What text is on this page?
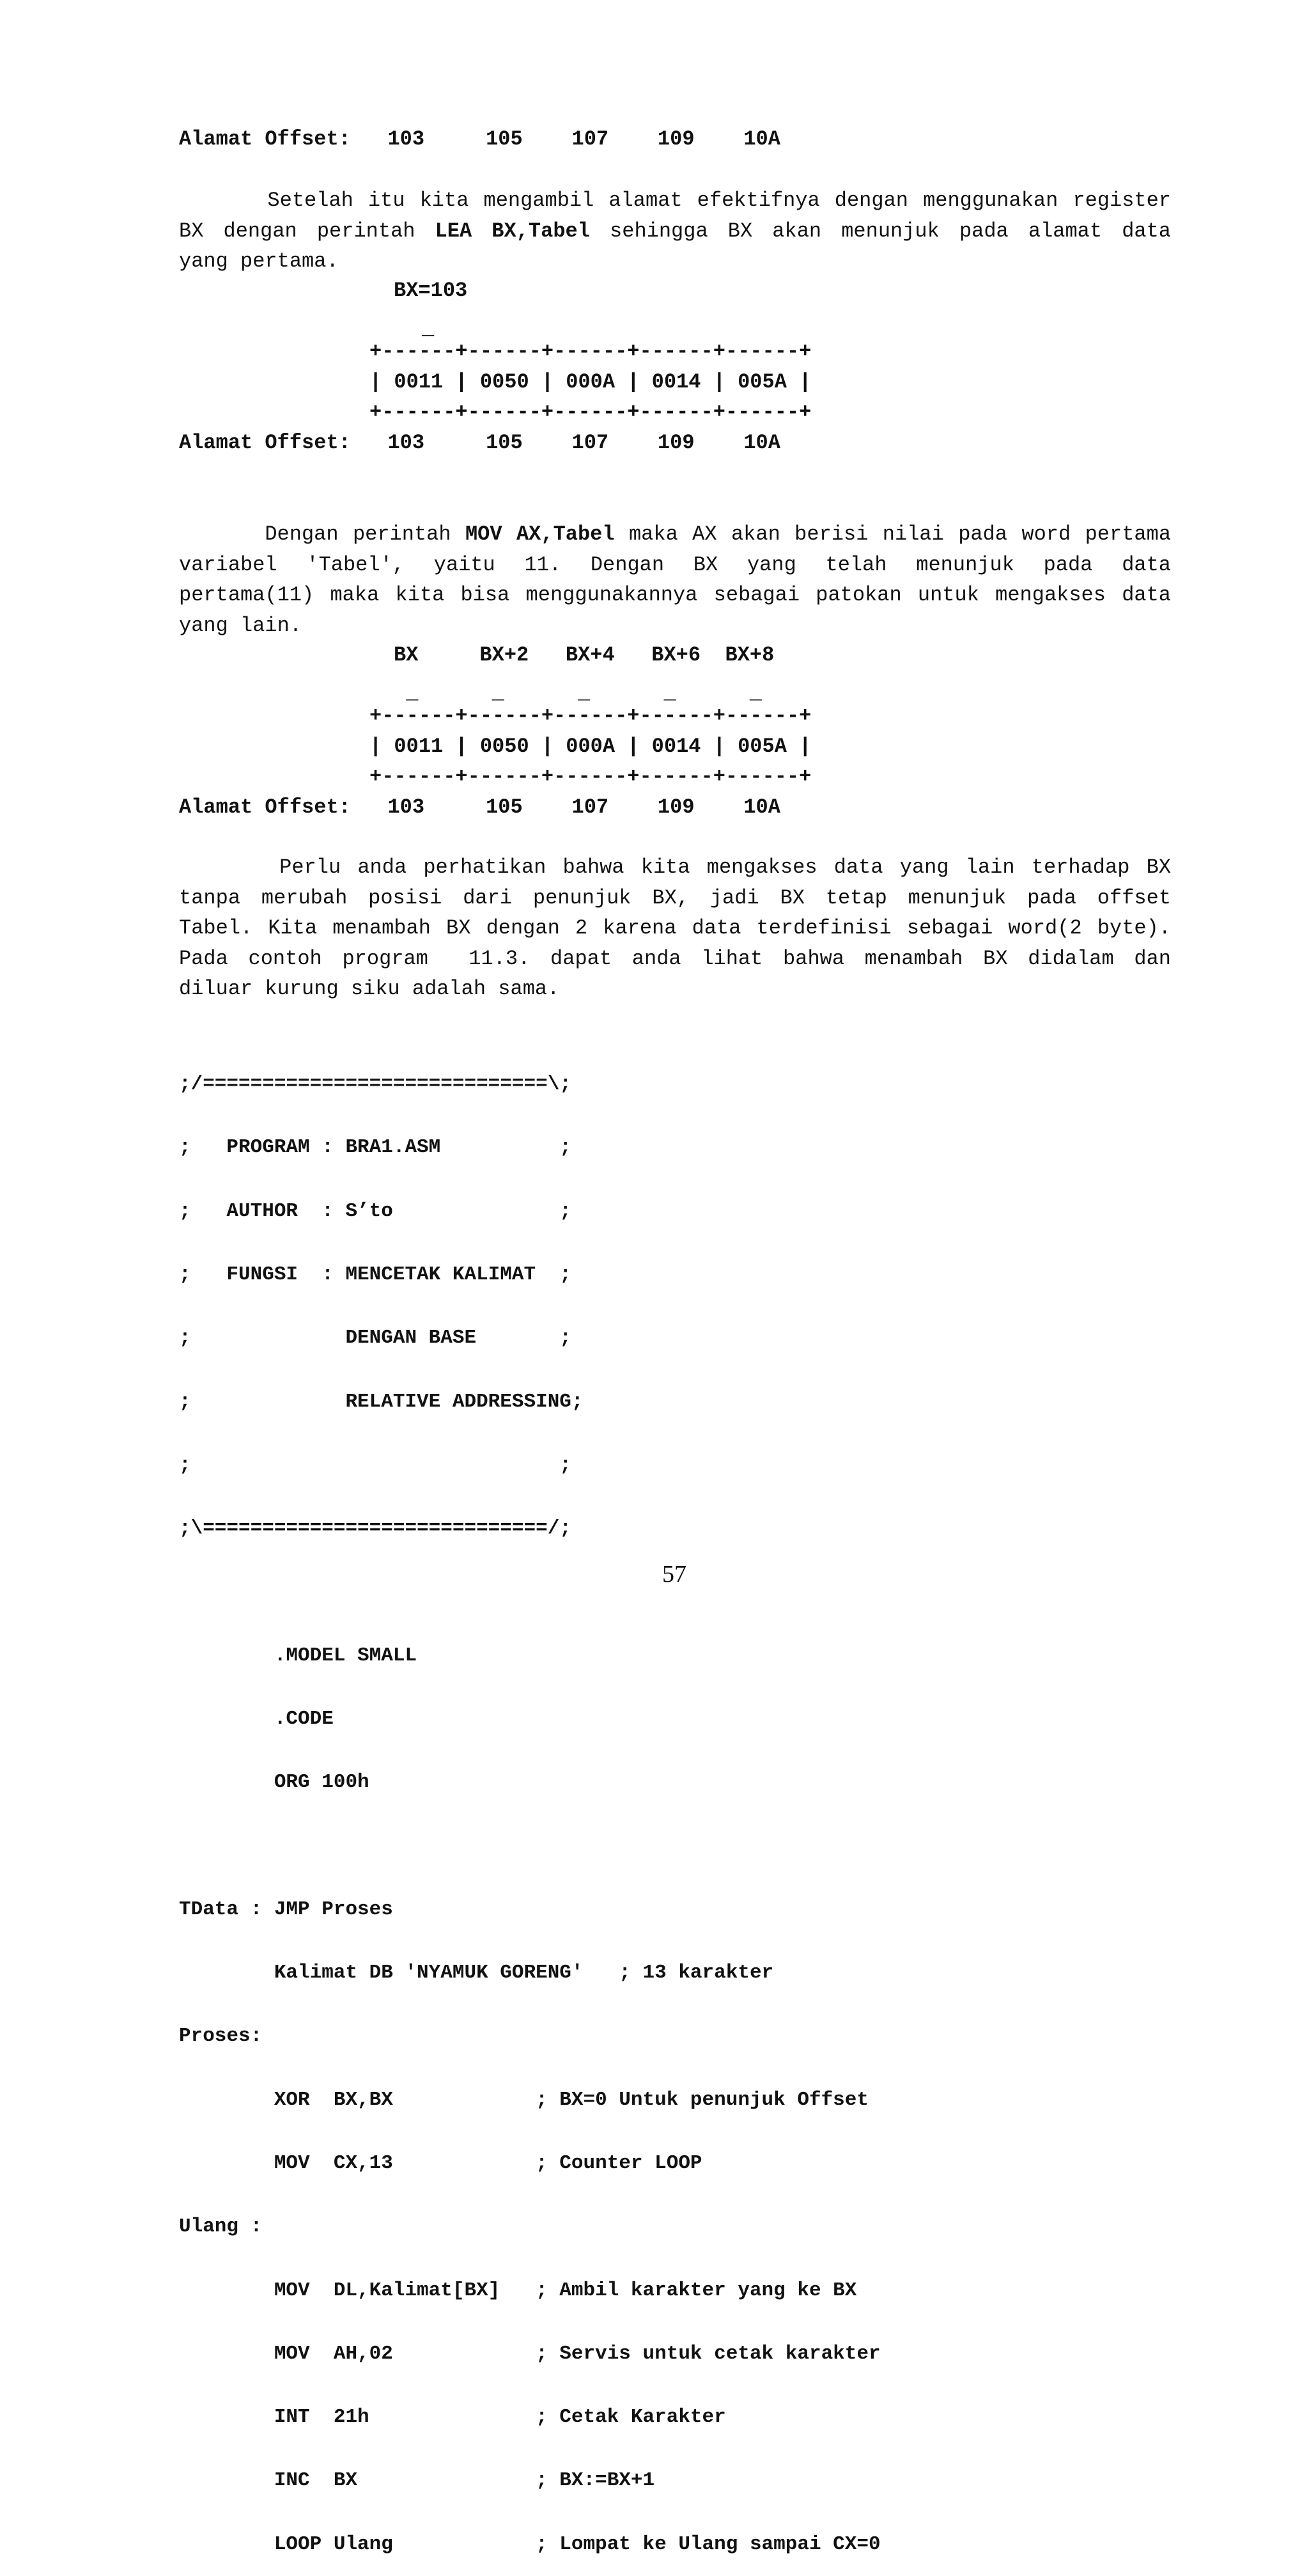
Alamat Offset:   103     105    107    109    10A
Setelah itu kita mengambil alamat efektifnya dengan menggunakan register
BX dengan perintah LEA BX,Tabel sehingga BX akan menunjuk pada alamat data
yang pertama.
BX=103
_
+------+------+------+------+------+
| 0011 | 0050 | 000A | 0014 | 005A |
+------+------+------+------+------+
Alamat Offset:   103     105    107    109    10A
Dengan perintah MOV AX,Tabel maka AX akan berisi nilai pada word pertama
variabel 'Tabel', yaitu 11. Dengan BX yang telah menunjuk pada data
pertama(11) maka kita bisa menggunakannya sebagai patokan untuk mengakses data
yang lain.
BX     BX+2   BX+4   BX+6  BX+8
_      _      _      _      _
+------+------+------+------+------+
| 0011 | 0050 | 000A | 0014 | 005A |
+------+------+------+------+------+
Alamat Offset:   103     105    107    109    10A
Perlu anda perhatikan bahwa kita mengakses data yang lain terhadap BX
tanpa merubah posisi dari penunjuk BX, jadi BX tetap menunjuk pada offset
Tabel. Kita menambah BX dengan 2 karena data terdefinisi sebagai word(2 byte).
Pada contoh program  11.3. dapat anda lihat bahwa menambah BX didalam dan
diluar kurung siku adalah sama.

;/=============================\;

;   PROGRAM : BRA1.ASM          ;

;   AUTHOR  : S’to              ;

;   FUNGSI  : MENCETAK KALIMAT  ;

;             DENGAN BASE       ;

;             RELATIVE ADDRESSING;

;                               ;

;\=============================/;

.MODEL SMALL

.CODE

ORG 100h

TData : JMP Proses

Kalimat DB 'NYAMUK GORENG'   ; 13 karakter

Proses:

XOR  BX,BX            ; BX=0 Untuk penunjuk Offset

MOV  CX,13            ; Counter LOOP

Ulang :

MOV  DL,Kalimat[BX]   ; Ambil karakter yang ke BX

MOV  AH,02            ; Servis untuk cetak karakter

INT  21h              ; Cetak Karakter

INC  BX               ; BX:=BX+1

LOOP Ulang            ; Lompat ke Ulang sampai CX=0

57
